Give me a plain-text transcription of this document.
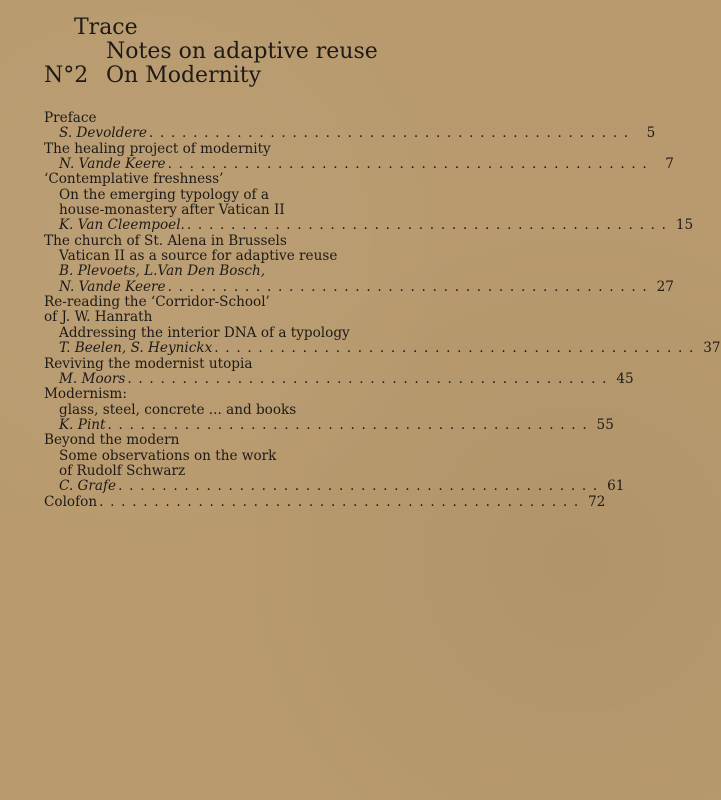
Trace
Notes on adaptive reuse
N°2 On Modernity
Preface
S. Devoldere . . . . . . . . . . . . . . . . . . . . . . . . . . . . . . . . . . . . . . . . . . . .	5
The healing project of modernity
N. Vande Keere . . . . . . . . . . . . . . . . . . . . . . . . . . . . . . . . . . . . . . . . . . . .	7
‘Contemplative freshness’
On the emerging typology of a
house-monastery after Vatican II
K. Van Cleempoel. . . . . . . . . . . . . . . . . . . . . . . . . . . . . . . . . . . . . . . . . . . . . 15
The church of St. Alena in Brussels
Vatican II as a source for adaptive reuse
B. Plevoets, L.Van Den Bosch,
N. Vande Keere . . . . . . . . . . . . . . . . . . . . . . . . . . . . . . . . . . . . . . . . . . . . 27
Re-reading the ‘Corridor-School’
of J. W. Hanrath
Addressing the interior DNA of a typology
T. Beelen, S. Heynickx . . . . . . . . . . . . . . . . . . . . . . . . . . . . . . . . . . . . . . . . . . . . 37
Reviving the modernist utopia
M. Moors . . . . . . . . . . . . . . . . . . . . . . . . . . . . . . . . . . . . . . . . . . . . 45
Modernism:
glass, steel, concrete ... and books
K. Pint . . . . . . . . . . . . . . . . . . . . . . . . . . . . . . . . . . . . . . . . . . . . 55
Beyond the modern
Some observations on the work
of Rudolf Schwarz
C. Grafe . . . . . . . . . . . . . . . . . . . . . . . . . . . . . . . . . . . . . . . . . . . . 61
Colofon . . . . . . . . . . . . . . . . . . . . . . . . . . . . . . . . . . . . . . . . . . . . 72
